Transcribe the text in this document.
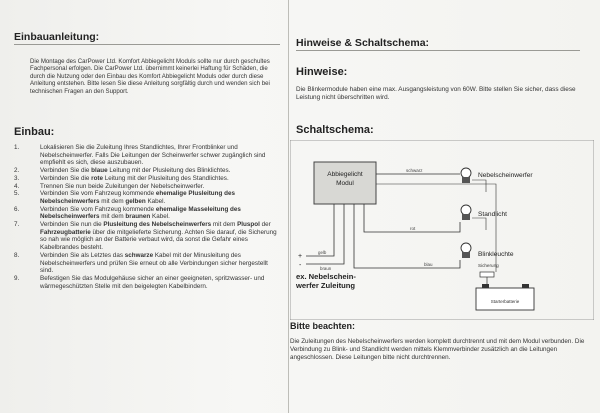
Einbauanleitung:
Die Montage des CarPower Ltd. Komfort Abbiegelicht Moduls sollte nur durch geschultes Fachpersonal erfolgen. Die CarPower Ltd. übernimmt keinerlei Haftung für Schäden, die durch die Nutzung oder den Einbau des Komfort Abbiegelicht Moduls oder durch diese Anleitung entstehen. Bitte lesen Sie diese Anleitung sorgfältig durch und wenden sich bei technischen Fragen an den Support.
Einbau:
1.	Lokalisieren Sie die Zuleitung Ihres Standlichtes, Ihrer Frontblinker und Nebelscheinwerfer. Falls Die Leitungen der Scheinwerfer schwer zugänglich sind empfiehlt es sich, diese auszubauen.
2.	Verbinden Sie die blaue Leitung mit der Plusleitung des Blinklichtes.
3.	Verbinden Sie die rote Leitung mit der Plusleitung des Standlichtes.
4.	Trennen Sie nun beide Zuleitungen der Nebelscheinwerfer.
5.	Verbinden Sie vom Fahrzeug kommende ehemalige Plusleitung des Nebelscheinwerfers mit dem gelben Kabel.
6.	Verbinden Sie vom Fahrzeug kommende ehemalige Masseleitung des Nebelscheinwerfers mit dem braunen Kabel.
7.	Verbinden Sie nun die Plusleitung des Nebelscheinwerfers mit dem Pluspol der Fahrzeugbatterie über die mitgelieferte Sicherung. Achten Sie darauf, die Sicherung so nah wie möglich an der Batterie verbaut wird, da sonst die Gefahr eines Kabelbrandes besteht.
8.	Verbinden Sie als Letztes das schwarze Kabel mit der Minusleitung des Nebelscheinwerfers und prüfen Sie erneut ob alle Verbindungen sicher hergestellt sind.
9.	Befestigen Sie das Modulgehäuse sicher an einer geeigneten, spritzwasser- und wärmegeschützten Stelle mit den beigelegten Kabelbindern.
Hinweise & Schaltschema:
Hinweise:
Die Blinkermodule haben eine max. Ausgangsleistung von 60W. Bitte stellen Sie sicher, dass diese Leistung nicht überschritten wird.
Schaltschema:
Abbiegelicht
Modul
Nebelscheinwerfer
Standlicht
Blinkleuchte
schwarz
rot
blau
+
-
gelb
braun
Sicherung
Starterbatterie
ex. Nebelschein-
werfer Zuleitung
Bitte beachten:
Die Zuleitungen des Nebelscheinwerfers werden komplett durchtrennt und mit dem Modul verbunden. Die Verbindung zu Blink- und Standlicht werden mittels Klemmverbinder zusätzlich an die Leitungen angeschlossen. Diese Leitungen bitte nicht durchtrennen.
